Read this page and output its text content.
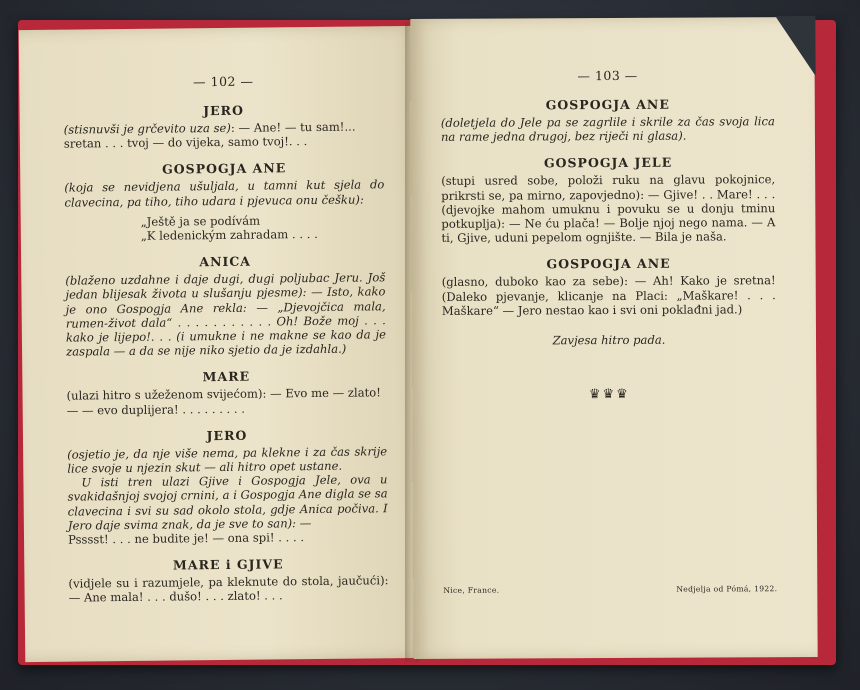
— 102 —

JERO

(stisnuvši je grčevito uza se): — Ane! — tu sam!...

sretan . . . tvoj — do vijeka, samo tvoj!. . .

GOSPOGJA ANE

(koja se nevidjena ušuljala, u tamni kut sjela do clavecina, pa tiho, tiho udara i pjevuca onu češku):

„Ještě ja se podívám

„K ledenickým zahradam . . . .

ANICA

(blaženo uzdahne i daje dugi, dugi poljubac Jeru. Još jedan blijesak života u slušanju pjesme): — Isto, kako je ono Gospogja Ane rekla: — „Djevojčica mala, rumen-život dala“ . . . . . . . . . . . Oh! Bože moj . . . kako je lijepo!. . . (i umukne i ne makne se kao da je zaspala — a da se nije niko sjetio da je izdahla.)

MARE

(ulazi hitro s užeženom svijećom): — Evo me — zlato!

— — evo duplijera! . . . . . . . . .

JERO

(osjetio je, da nje više nema, pa kleknе i za čas skrije lice svoje u njezin skut — ali hitro opet ustane.

U isti tren ulazi Gjive i Gospogja Jele, ova u svakidašnjoj svojoj crnini, a i Gospogja Ane digla se sa clavecina i svi su sad okolo stola, gdje Anica počiva. I Jero daje svima znak, da je sve to san): —

Psssst! . . . ne budite je! — ona spi! . . . .

MARE i GJIVE

(vidjele su i razumjele, pa kleknute do stola, jaučući): — Ane mala! . . . dušo! . . . zlato! . . .

— 103 —

GOSPOGJA ANE

(doletjela do Jele pa se zagrlile i skrile za čas svoja lica na rame jedna drugoj, bez riječi ni glasa).

GOSPOGJA JELE

(stupi usred sobe, položi ruku na glavu pokojnice, prikrsti se, pa mirno, zapovjedno): — Gjive! . . Mare! . . . (djevojke mahom umuknu i povuku se u donju tminu potkuplja): — Ne ću plača! — Bolje njoj nego nama. — A ti, Gjive, uduni pepelom ognjište. — Bila je naša.

GOSPOGJA ANE

(glasno, duboko kao za sebe): — Ah! Kako je sretna! (Daleko pjevanje, klicanje na Placi: „Maškare! . . . Maškare“ — Jero nestao kao i svi oni poklađni jad.)

Zavjesa hitro pada.

♛♛♛
Nice, France.	Nedjelja od Pómá, 1922.
